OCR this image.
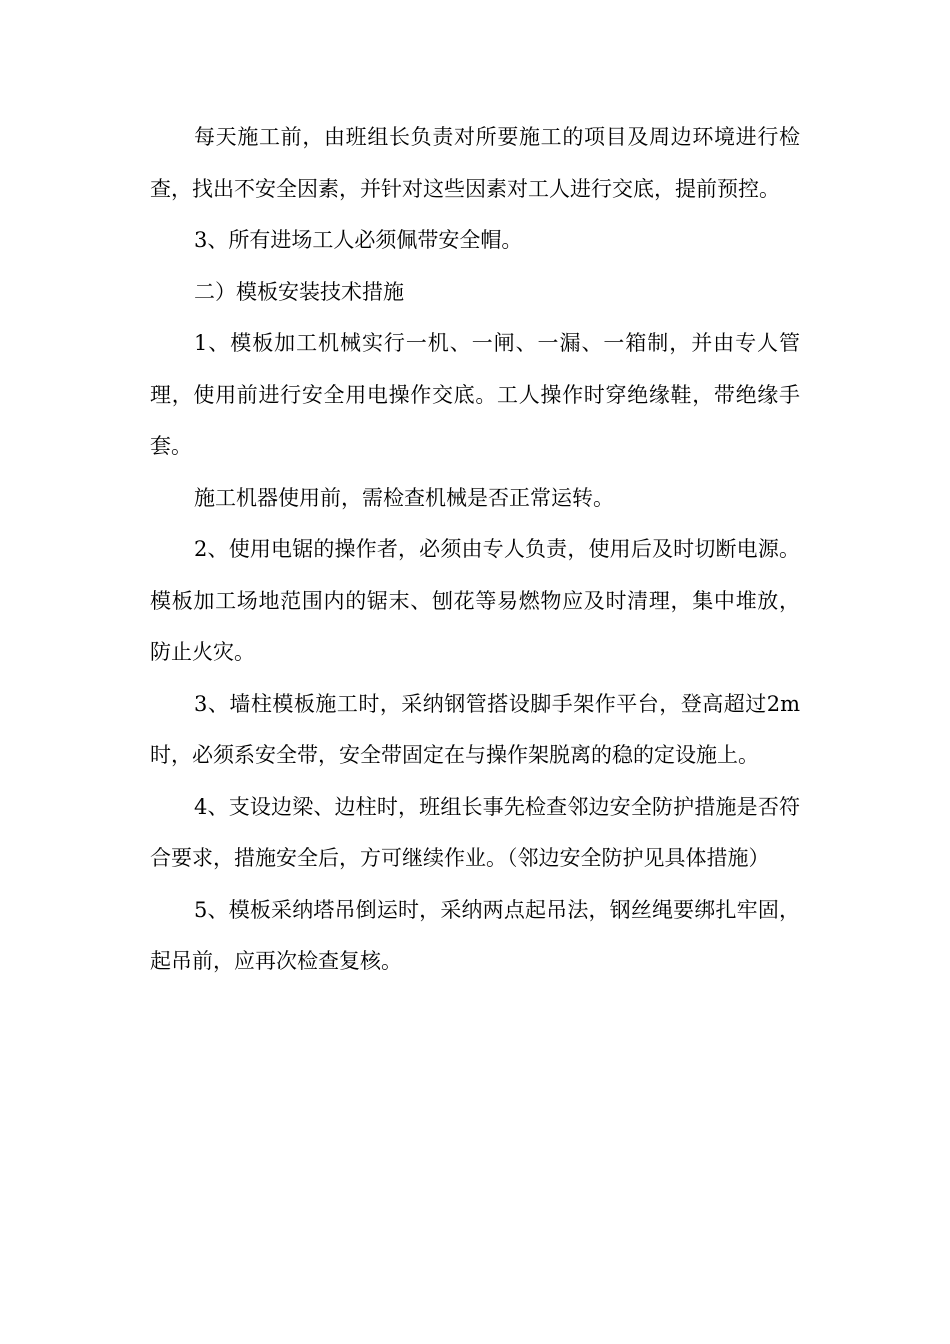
每天施工前，由班组长负责对所要施工的项目及周边环境进行检查，找出不安全因素，并针对这些因素对工人进行交底，提前预控。

3、所有进场工人必须佩带安全帽。

二）模板安装技术措施

1、模板加工机械实行一机、一闸、一漏、一箱制，并由专人管理，使用前进行安全用电操作交底。工人操作时穿绝缘鞋，带绝缘手套。

施工机器使用前，需检查机械是否正常运转。

2、使用电锯的操作者，必须由专人负责，使用后及时切断电源。模板加工场地范围内的锯末、刨花等易燃物应及时清理，集中堆放，防止火灾。

3、墙柱模板施工时，采纳钢管搭设脚手架作平台，登高超过2m时，必须系安全带，安全带固定在与操作架脱离的稳的定设施上。

4、支设边梁、边柱时，班组长事先检查邻边安全防护措施是否符合要求，措施安全后，方可继续作业。（邻边安全防护见具体措施）

5、模板采纳塔吊倒运时，采纳两点起吊法，钢丝绳要绑扎牢固，起吊前，应再次检查复核。
